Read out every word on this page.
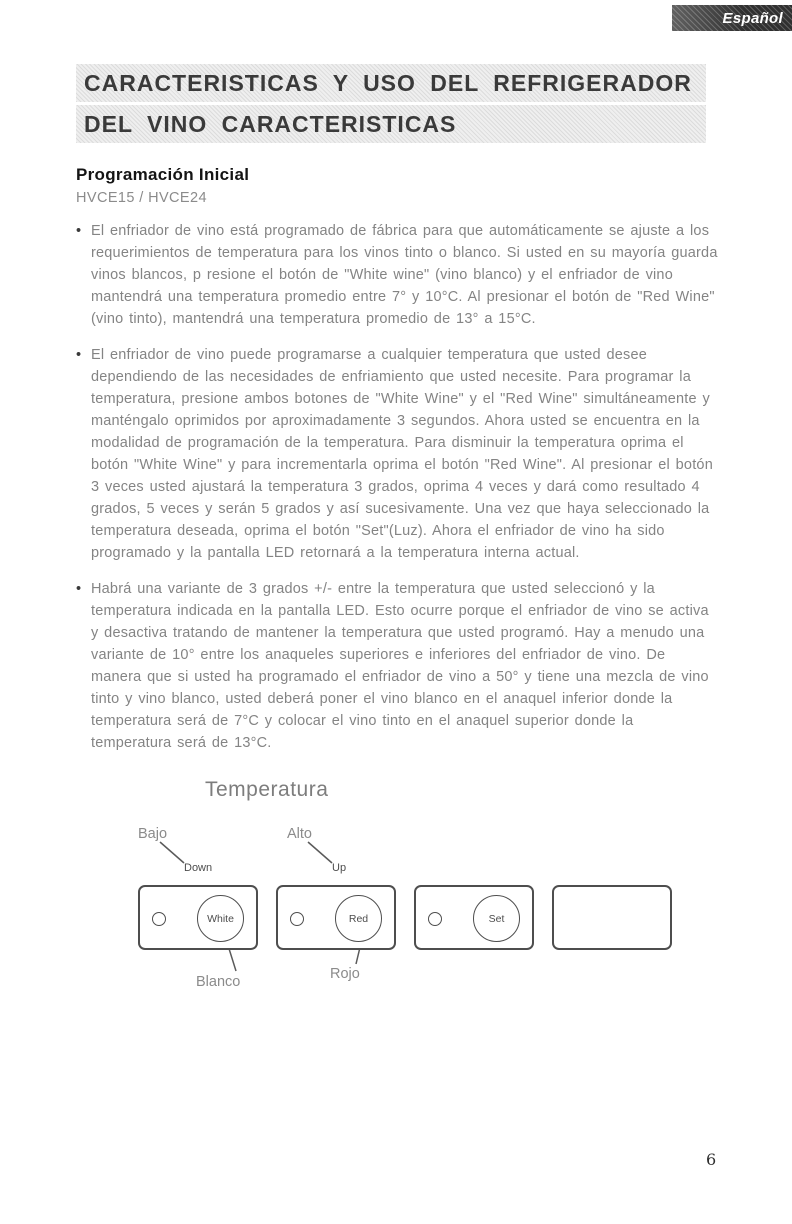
Español
CARACTERISTICAS Y USO DEL REFRIGERADOR
DEL VINO CARACTERISTICAS
Programación Inicial
HVCE15 / HVCE24
• El enfriador de vino está programado de fábrica para que automáticamente se ajuste a los requerimientos de temperatura para los vinos tinto o blanco. Si usted en su mayoría guarda vinos blancos, p resione el botón de "White wine" (vino blanco) y el enfriador de vino mantendrá una temperatura promedio entre 7° y 10°C. Al presionar el botón de "Red Wine" (vino tinto), mantendrá una temperatura promedio de 13° a 15°C.
• El enfriador de vino puede programarse a cualquier temperatura que usted desee dependiendo de las necesidades de enfriamiento que usted necesite. Para programar la temperatura, presione ambos botones de "White Wine" y el "Red Wine" simultáneamente y manténgalo oprimidos por aproximadamente 3 segundos. Ahora usted se encuentra en la modalidad de programación de la temperatura. Para disminuir la temperatura oprima el botón "White Wine" y para incrementarla oprima el botón "Red Wine". Al presionar el botón 3 veces usted ajustará la temperatura 3 grados, oprima 4 veces y dará como resultado 4 grados, 5 veces y serán 5 grados y así sucesivamente. Una vez que haya seleccionado la temperatura deseada, oprima el botón "Set"(Luz). Ahora el enfriador de vino ha sido programado y la pantalla LED retornará a la temperatura interna actual.
• Habrá una variante de 3 grados +/- entre la temperatura que usted seleccionó y la temperatura indicada en la pantalla LED. Esto ocurre porque el enfriador de vino se activa y desactiva tratando de mantener la temperatura que usted programó. Hay a menudo una variante de 10° entre los anaqueles superiores e inferiores del enfriador de vino. De manera que si usted ha programado el enfriador de vino a 50° y tiene una mezcla de vino tinto y vino blanco, usted deberá poner el vino blanco en el anaquel inferior donde la temperatura será de 7°C y colocar el vino tinto en el anaquel superior donde la temperatura será de 13°C.
Temperatura
Bajo
Down
Alto
Up
White	Red	Set
Blanco	Rojo
6
